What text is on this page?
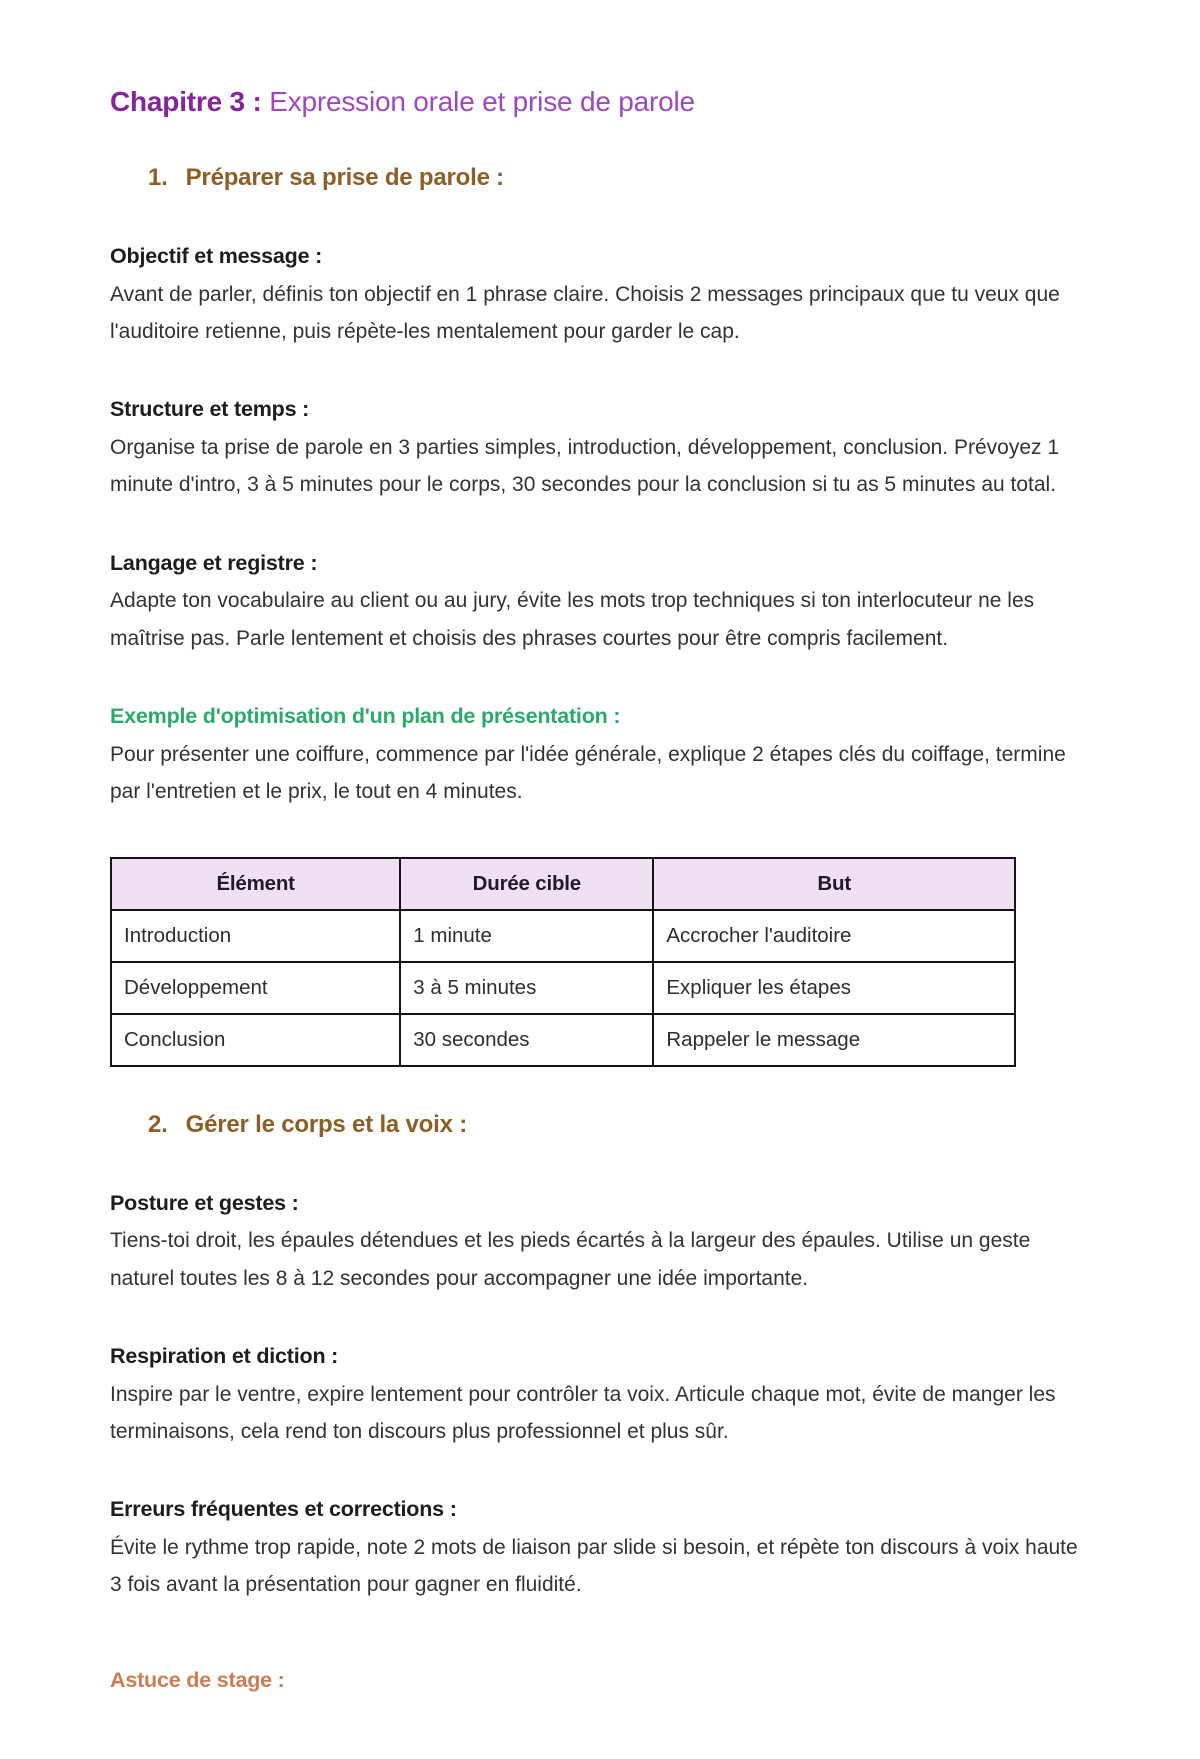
Chapitre 3 : Expression orale et prise de parole
1. Préparer sa prise de parole :
Objectif et message :
Avant de parler, définis ton objectif en 1 phrase claire. Choisis 2 messages principaux que tu veux que l'auditoire retienne, puis répète-les mentalement pour garder le cap.
Structure et temps :
Organise ta prise de parole en 3 parties simples, introduction, développement, conclusion. Prévoyez 1 minute d'intro, 3 à 5 minutes pour le corps, 30 secondes pour la conclusion si tu as 5 minutes au total.
Langage et registre :
Adapte ton vocabulaire au client ou au jury, évite les mots trop techniques si ton interlocuteur ne les maîtrise pas. Parle lentement et choisis des phrases courtes pour être compris facilement.
Exemple d'optimisation d'un plan de présentation :
Pour présenter une coiffure, commence par l'idée générale, explique 2 étapes clés du coiffage, termine par l'entretien et le prix, le tout en 4 minutes.
Élément	Durée cible	But
Introduction	1 minute	Accrocher l'auditoire
Développement	3 à 5 minutes	Expliquer les étapes
Conclusion	30 secondes	Rappeler le message
2. Gérer le corps et la voix :
Posture et gestes :
Tiens-toi droit, les épaules détendues et les pieds écartés à la largeur des épaules. Utilise un geste naturel toutes les 8 à 12 secondes pour accompagner une idée importante.
Respiration et diction :
Inspire par le ventre, expire lentement pour contrôler ta voix. Articule chaque mot, évite de manger les terminaisons, cela rend ton discours plus professionnel et plus sûr.
Erreurs fréquentes et corrections :
Évite le rythme trop rapide, note 2 mots de liaison par slide si besoin, et répète ton discours à voix haute 3 fois avant la présentation pour gagner en fluidité.
Astuce de stage :
